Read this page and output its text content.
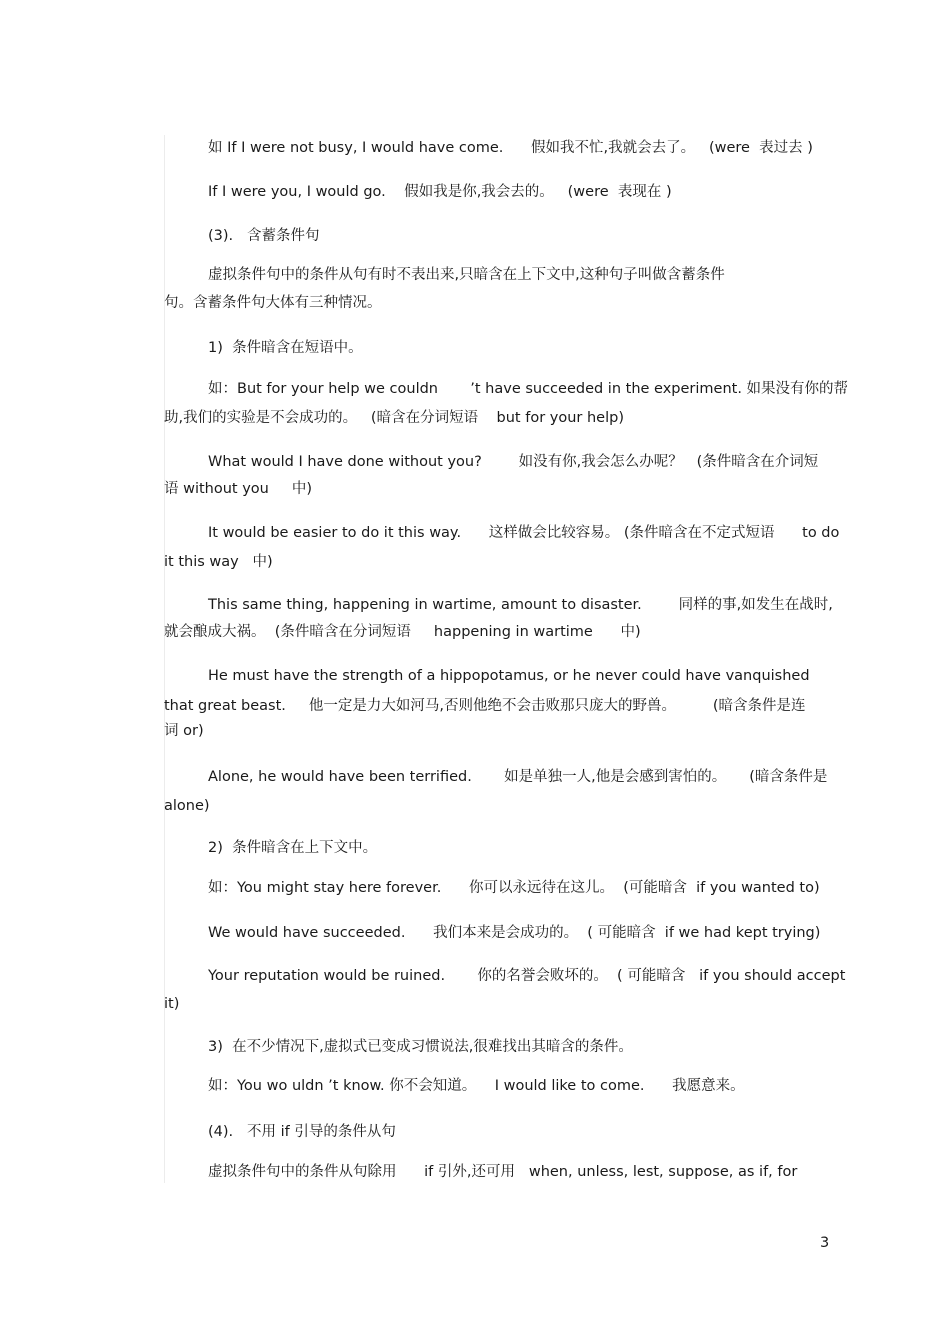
如 If I were not busy, I would have come.      假如我不忙,我就会去了。   (were  表过去 )
If I were you, I would go.    假如我是你,我会去的。   (were  表现在 )
(3).   含蓄条件句
虚拟条件句中的条件从句有时不表出来,只暗含在上下文中,这种句子叫做含蓄条件
句。含蓄条件句大体有三种情况。
1)  条件暗含在短语中。
如：But for your help we couldn       ’t have succeeded in the experiment. 如果没有你的帮
助,我们的实验是不会成功的。   (暗含在分词短语    but for your help)
What would I have done without you?        如没有你,我会怎么办呢？   (条件暗含在介词短
语 without you     中)
It would be easier to do it this way.      这样做会比较容易。 (条件暗含在不定式短语      to do
it this way   中)
This same thing, happening in wartime, amount to disaster.        同样的事,如发生在战时,
就会酿成大祸。  (条件暗含在分词短语     happening in wartime      中)
He must have the strength of a hippopotamus, or he never could have vanquished
that great beast.     他一定是力大如河马,否则他绝不会击败那只庞大的野兽。        (暗含条件是连
词 or)
Alone, he would have been terrified.       如是单独一人,他是会感到害怕的。     (暗含条件是
alone)
2)  条件暗含在上下文中。
如：You might stay here forever.      你可以永远待在这儿。  (可能暗含  if you wanted to)
We would have succeeded.      我们本来是会成功的。  ( 可能暗含  if we had kept trying)
Your reputation would be ruined.       你的名誉会败坏的。  ( 可能暗含   if you should accept
it)
3)  在不少情况下,虚拟式已变成习惯说法,很难找出其暗含的条件。
如：You wo uldn ’t know. 你不会知道。    I would like to come.      我愿意来。
(4).   不用 if 引导的条件从句
虚拟条件句中的条件从句除用      if 引外,还可用   when, unless, lest, suppose, as if, for
3
